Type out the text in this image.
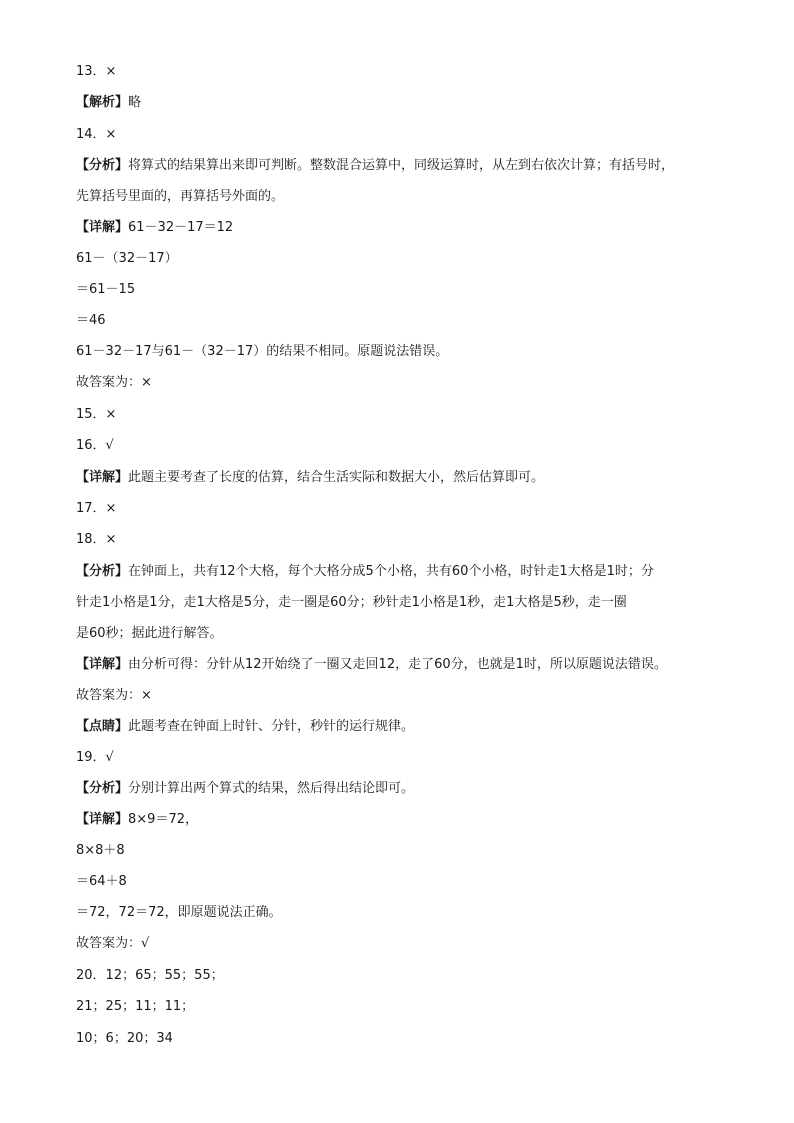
13．×
【解析】略
14．×
【分析】将算式的结果算出来即可判断。整数混合运算中，同级运算时，从左到右依次计算；有括号时，
先算括号里面的，再算括号外面的。
【详解】61－32－17＝12
61－（32－17）
＝61－15
＝46
61－32－17与61－（32－17）的结果不相同。原题说法错误。
故答案为：×
15．×
16．√
【详解】此题主要考查了长度的估算，结合生活实际和数据大小，然后估算即可。
17．×
18．×
【分析】在钟面上，共有12个大格，每个大格分成5个小格，共有60个小格，时针走1大格是1时；分
针走1小格是1分，走1大格是5分，走一圈是60分；秒针走1小格是1秒，走1大格是5秒，走一圈
是60秒；据此进行解答。
【详解】由分析可得：分针从12开始绕了一圈又走回12，走了60分，也就是1时，所以原题说法错误。
故答案为：×
【点睛】此题考查在钟面上时针、分针，秒针的运行规律。
19．√
【分析】分别计算出两个算式的结果，然后得出结论即可。
【详解】8×9＝72，
8×8＋8
＝64＋8
＝72，72＝72，即原题说法正确。
故答案为：√
20．12；65；55；55；
21；25；11；11；
10；6；20；34
